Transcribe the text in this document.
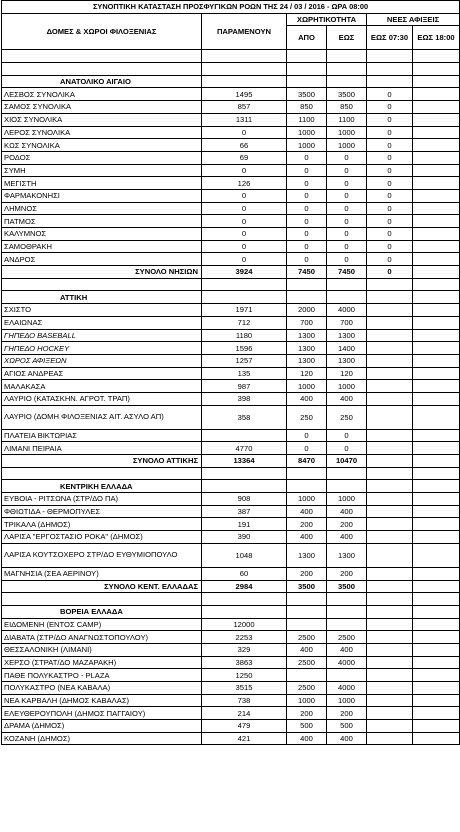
ΣΥΝΟΠΤΙΚΗ ΚΑΤΑΣΤΑΣΗ ΠΡΟΣΦΥΓΙΚΩΝ ΡΟΩΝ ΤΗΣ 24 / 03 / 2016 - ΩΡΑ 08:00					
ΔΟΜΕΣ & ΧΩΡΟΙ ΦΙΛΟΞΕΝΙΑΣ	ΠΑΡΑΜΕΝΟΥΝ	ΧΩΡΗΤΙΚΟΤΗΤΑ		ΝΕΕΣ ΑΦΙΞΕΙΣ	
		ΑΠΟ	ΕΩΣ	ΕΩΣ 07:30	ΕΩΣ 18:00

ΑΝΑΤΟΛΙΚΟ ΑΙΓΑΙΟ					
ΛΕΣΒΟΣ ΣΥΝΟΛΙΚΑ	1495	3500	3500	0	
ΣΑΜΟΣ ΣΥΝΟΛΙΚΑ	857	850	850	0	
ΧΙΟΣ ΣΥΝΟΛΙΚΑ	1311	1100	1100	0	
ΛΕΡΟΣ ΣΥΝΟΛΙΚΑ	0	1000	1000	0	
ΚΩΣ ΣΥΝΟΛΙΚΑ	66	1000	1000	0	
ΡΟΔΟΣ	69	0	0	0	
ΣΥΜΗ	0	0	0	0	
ΜΕΓΙΣΤΗ	126	0	0	0	
ΦΑΡΜΑΚΟΝΗΣΙ	0	0	0	0	
ΛΗΜΝΟΣ	0	0	0	0	
ΠΑΤΜΟΣ	0	0	0	0	
ΚΑΛΥΜΝΟΣ	0	0	0	0	
ΣΑΜΟΘΡΑΚΗ	0	0	0	0	
ΑΝΔΡΟΣ	0	0	0	0	
ΣΥΝΟΛΟ ΝΗΣΙΩΝ	3924	7450	7450	0	

ΑΤΤΙΚΗ					
ΣΧΙΣΤΟ	1971	2000	4000		
ΕΛΑΙΩΝΑΣ	712	700	700		
ΓΗΠΕΔΟ BASEBALL	1180	1300	1300		
ΓΗΠΕΔΟ HOCKEY	1596	1300	1400		
ΧΩΡΟΣ ΑΦΙΞΕΩΝ	1257	1300	1300		
ΑΓΙΟΣ ΑΝΔΡΕΑΣ	135	120	120		
ΜΑΛΑΚΑΣΑ	987	1000	1000		
ΛΑΥΡΙΟ (ΚΑΤΑΣΚΗΝ. ΑΓΡΟΤ. ΤΡΑΠ)	398	400	400		
ΛΑΥΡΙΟ (ΔΟΜΗ ΦΙΛΟΞΕΝΙΑΣ ΑΙΤ. ΑΣΥΛΟ ΑΠ)	358	250	250		
ΠΛΑΤΕΙΑ ΒΙΚΤΩΡΙΑΣ		0	0		
ΛΙΜΑΝΙ ΠΕΙΡΑΙΑ	4770	0	0		
ΣΥΝΟΛΟ ΑΤΤΙΚΗΣ	13364	8470	10470		

ΚΕΝΤΡΙΚΗ ΕΛΛΑΔΑ					
ΕΥΒΟΙΑ - ΡΙΤΣΩΝΑ (ΣΤΡ/ΔΟ ΠΑ)	908	1000	1000		
ΦΘΙΩΤΙΔΑ - ΘΕΡΜΟΠΥΛΕΣ	387	400	400		
ΤΡΙΚΑΛΑ (ΔΗΜΟΣ)	191	200	200		
ΛΑΡΙΣΑ "ΕΡΓΟΣΤΑΣΙΟ ΡΟΚΑ" (ΔΗΜΟΣ)	390	400	400		
ΛΑΡΙΣΑ ΚΟΥΤΣΟΧΕΡΟ ΣΤΡ/ΔΟ ΕΥΘΥΜΙΟΠΟΥΛΟ	1048	1300	1300		
ΜΑΓΝΗΣΙΑ (ΣΕΑ ΑΕΡΙΝΟΥ)	60	200	200		
ΣΥΝΟΛΟ ΚΕΝΤ. ΕΛΛΑΔΑΣ	2984	3500	3500		

ΒΟΡΕΙΑ ΕΛΛΑΔΑ					
ΕΙΔΟΜΕΝΗ (ΕΝΤΟΣ CAMP)	12000				
ΔΙΑΒΑΤΑ (ΣΤΡ/ΔΟ ΑΝΑΓΝΩΣΤΟΠΟΥΛΟΥ)	2253	2500	2500		
ΘΕΣΣΑΛΟΝΙΚΗ (ΛΙΜΑΝΙ)	329	400	400		
ΧΕΡΣΟ (ΣΤΡΑΤ/ΔΟ ΜΑΖΑΡΑΚΗ)	3863	2500	4000		
ΠΑΘΕ ΠΟΛΥΚΑΣΤΡΟ - PLAZA	1250				
ΠΟΛΥΚΑΣΤΡΟ (ΝΕΑ ΚΑΒΑΛΑ)	3515	2500	4000		
ΝΕΑ ΚΑΡΒΑΛΗ (ΔΗΜΟΣ ΚΑΒΑΛΑΣ)	738	1000	1000		
ΕΛΕΥΘΕΡΟΥΠΟΛΗ (ΔΗΜΟΣ ΠΑΓΓΑΙΟΥ)	214	200	200		
ΔΡΑΜΑ (ΔΗΜΟΣ)	479	500	500		
ΚΟΖΑΝΗ (ΔΗΜΟΣ)	421	400	400		
